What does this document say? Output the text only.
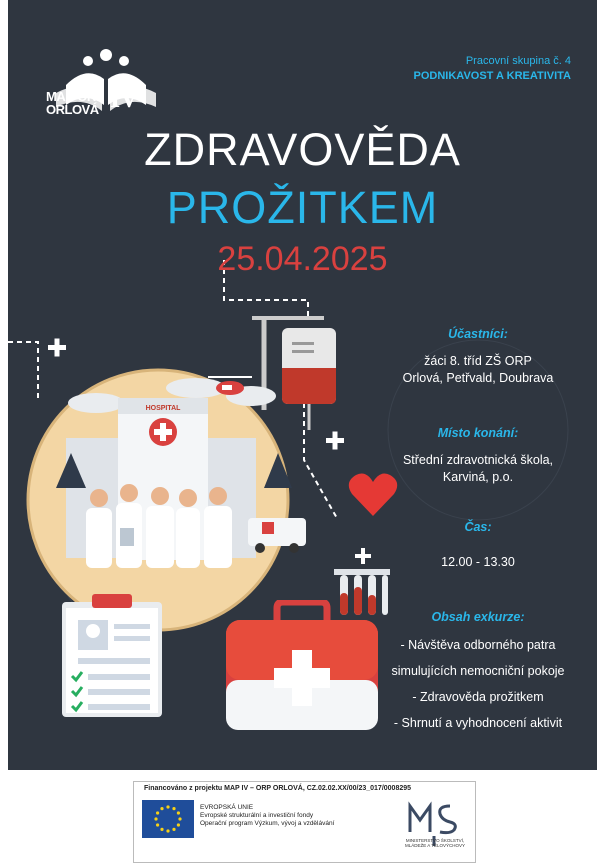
MAP-ORP
ORLOVÁ IV
Pracovní skupina č. 4
PODNIKAVOST A KREATIVITA
ZDRAVOVĚDA
PROŽITKEM
25.04.2025
HOSPITAL
Účastníci:
žáci 8. tříd ZŠ ORP
Orlová, Petřvald, Doubrava
Místo konání:
Střední zdravotnická škola,
Karviná, p.o.
Čas:
12.00 - 13.30
Obsah exkurze:
- Návštěva odborného patra
simulujících nemocniční pokoje
- Zdravověda prožitkem
- Shrnutí a vyhodnocení aktivit
Financováno z projektu MAP IV – ORP ORLOVÁ, CZ.02.02.XX/00/23_017/0008295
EVROPSKÁ UNIE
Evropské strukturální a investiční fondy
Operační program Výzkum, vývoj a vzdělávání
MINISTERSTVO ŠKOLSTVÍ,
MLÁDEŽE A TĚLOVÝCHOVY
